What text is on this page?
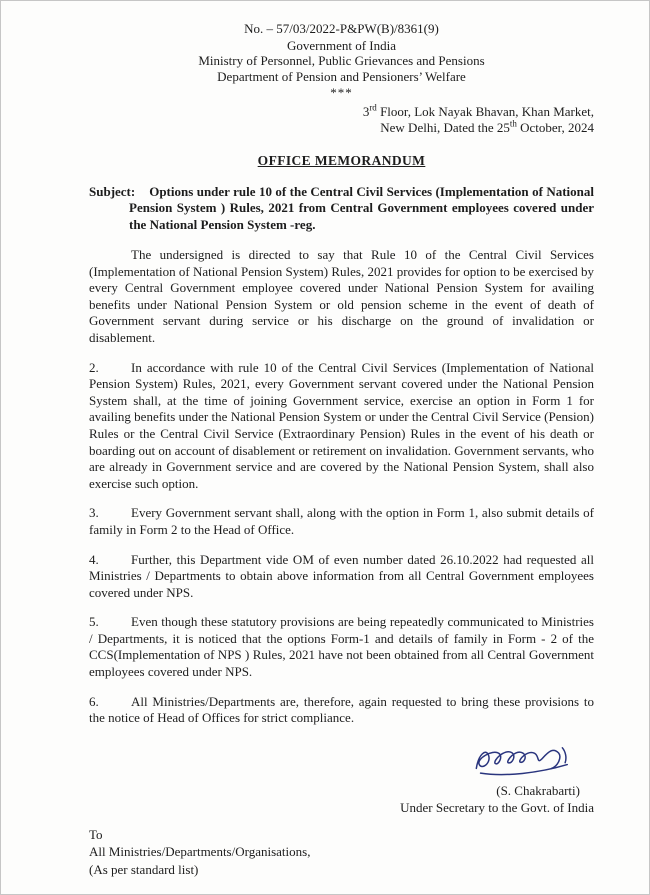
No. – 57/03/2022-P&PW(B)/8361(9)
Government of India
Ministry of Personnel, Public Grievances and Pensions
Department of Pension and Pensioners’ Welfare
***
3rd Floor, Lok Nayak Bhavan, Khan Market,
New Delhi, Dated the 25th October, 2024
OFFICE MEMORANDUM
Subject: Options under rule 10 of the Central Civil Services (Implementation of National Pension System ) Rules, 2021 from Central Government employees covered under the National Pension System -reg.

The undersigned is directed to say that Rule 10 of the Central Civil Services (Implementation of National Pension System) Rules, 2021 provides for option to be exercised by every Central Government employee covered under National Pension System for availing benefits under National Pension System or old pension scheme in the event of death of Government servant during service or his discharge on the ground of invalidation or disablement.

2. In accordance with rule 10 of the Central Civil Services (Implementation of National Pension System) Rules, 2021, every Government servant covered under the National Pension System shall, at the time of joining Government service, exercise an option in Form 1 for availing benefits under the National Pension System or under the Central Civil Service (Pension) Rules or the Central Civil Service (Extraordinary Pension) Rules in the event of his death or boarding out on account of disablement or retirement on invalidation. Government servants, who are already in Government service and are covered by the National Pension System, shall also exercise such option.

3. Every Government servant shall, along with the option in Form 1, also submit details of family in Form 2 to the Head of Office.

4. Further, this Department vide OM of even number dated 26.10.2022 had requested all Ministries / Departments to obtain above information from all Central Government employees covered under NPS.

5. Even though these statutory provisions are being repeatedly communicated to Ministries / Departments, it is noticed that the options Form-1 and details of family in Form - 2 of the CCS(Implementation of NPS ) Rules, 2021 have not been obtained from all Central Government employees covered under NPS.

6. All Ministries/Departments are, therefore, again requested to bring these provisions to the notice of Head of Offices for strict compliance.

(S. Chakrabarti)
Under Secretary to the Govt. of India
To
All Ministries/Departments/Organisations,
(As per standard list)
